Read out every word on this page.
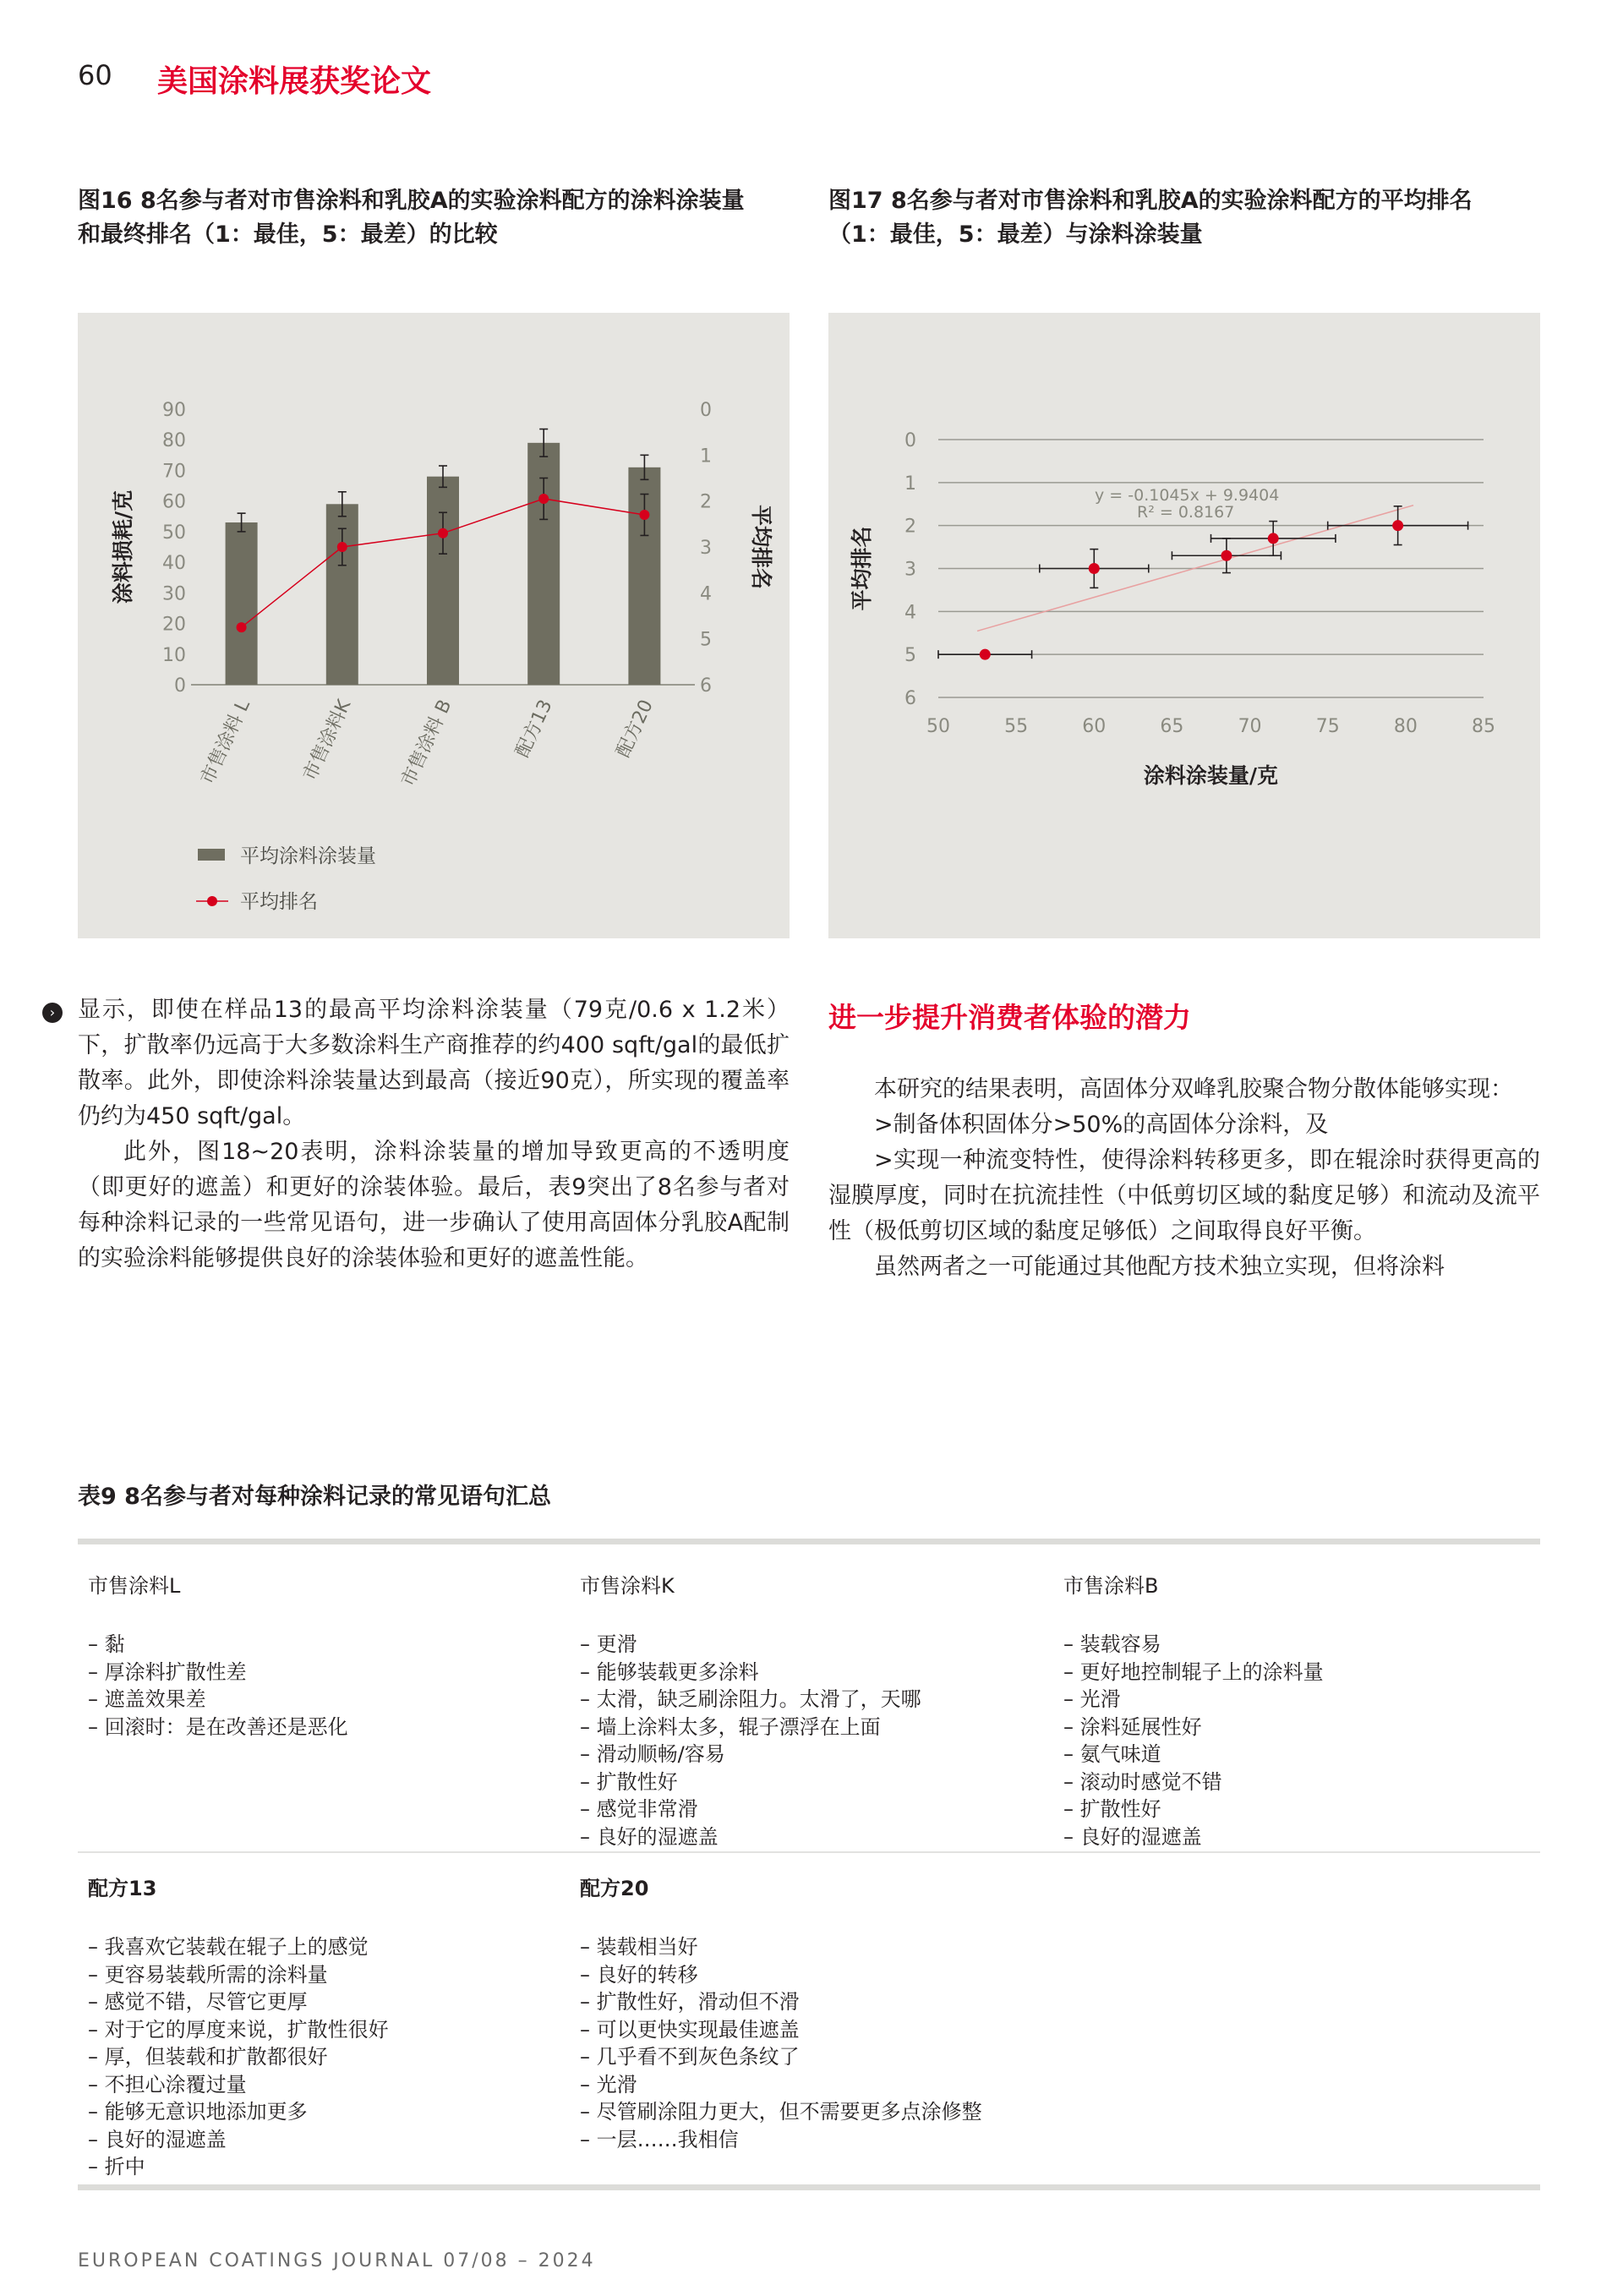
60 美国涂料展获奖论文
图16 8名参与者对市售涂料和乳胶A的实验涂料配方的涂料涂装量
和最终排名（1：最佳，5：最差）的比较
图17 8名参与者对市售涂料和乳胶A的实验涂料配方的平均排名
（1：最佳，5：最差）与涂料涂装量
0
10
20
30
40
50
60
70
80
90	0
1
2
3
4
5
6
涂料损耗/克	平均排名
市售涂料 L 市售涂料K 市售涂料 B	配方13	配方20
平均涂料涂装量
平均排名
0
1
2
3
4
5
6
50	55	60	65	70	75	80	85
平均排名
涂料涂装量/克
y = -0.1045x + 9.9404
R² = 0.8167
› 显示，即使在样品13的最高平均涂料涂装量（79克/0.6 x 1.2米）下，扩散率仍远高于大多数涂料生产商推荐的约400 sqft/gal的最低扩散率。此外，即使涂料涂装量达到最高（接近90克），所实现的覆盖率仍约为450 sqft/gal。

此外，图18~20表明，涂料涂装量的增加导致更高的不透明度（即更好的遮盖）和更好的涂装体验。最后，表9突出了8名参与者对每种涂料记录的一些常见语句，进一步确认了使用高固体分乳胶A配制的实验涂料能够提供良好的涂装体验和更好的遮盖性能。

进一步提升消费者体验的潜力

本研究的结果表明，高固体分双峰乳胶聚合物分散体能够实现：

>制备体积固体分>50%的高固体分涂料，及

>实现一种流变特性，使得涂料转移更多，即在辊涂时获得更高的湿膜厚度，同时在抗流挂性（中低剪切区域的黏度足够）和流动及流平性（极低剪切区域的黏度足够低）之间取得良好平衡。

虽然两者之一可能通过其他配方技术独立实现，但将涂料

表9 8名参与者对每种涂料记录的常见语句汇总
市售涂料L
– 黏
– 厚涂料扩散性差
– 遮盖效果差
– 回滚时：是在改善还是恶化
市售涂料K
– 更滑
– 能够装载更多涂料
– 太滑，缺乏刷涂阻力。太滑了，天哪
– 墙上涂料太多，辊子漂浮在上面
– 滑动顺畅/容易
– 扩散性好
– 感觉非常滑
– 良好的湿遮盖
市售涂料B
– 装载容易
– 更好地控制辊子上的涂料量
– 光滑
– 涂料延展性好
– 氨气味道
– 滚动时感觉不错
– 扩散性好
– 良好的湿遮盖
配方13
– 我喜欢它装载在辊子上的感觉
– 更容易装载所需的涂料量
– 感觉不错，尽管它更厚
– 对于它的厚度来说，扩散性很好
– 厚，但装载和扩散都很好
– 不担心涂覆过量
– 能够无意识地添加更多
– 良好的湿遮盖
– 折中
配方20
– 装载相当好
– 良好的转移
– 扩散性好，滑动但不滑
– 可以更快实现最佳遮盖
– 几乎看不到灰色条纹了
– 光滑
– 尽管刷涂阻力更大，但不需要更多点涂修整
– 一层……我相信
EUROPEAN COATINGS JOURNAL 07/08 – 2024
